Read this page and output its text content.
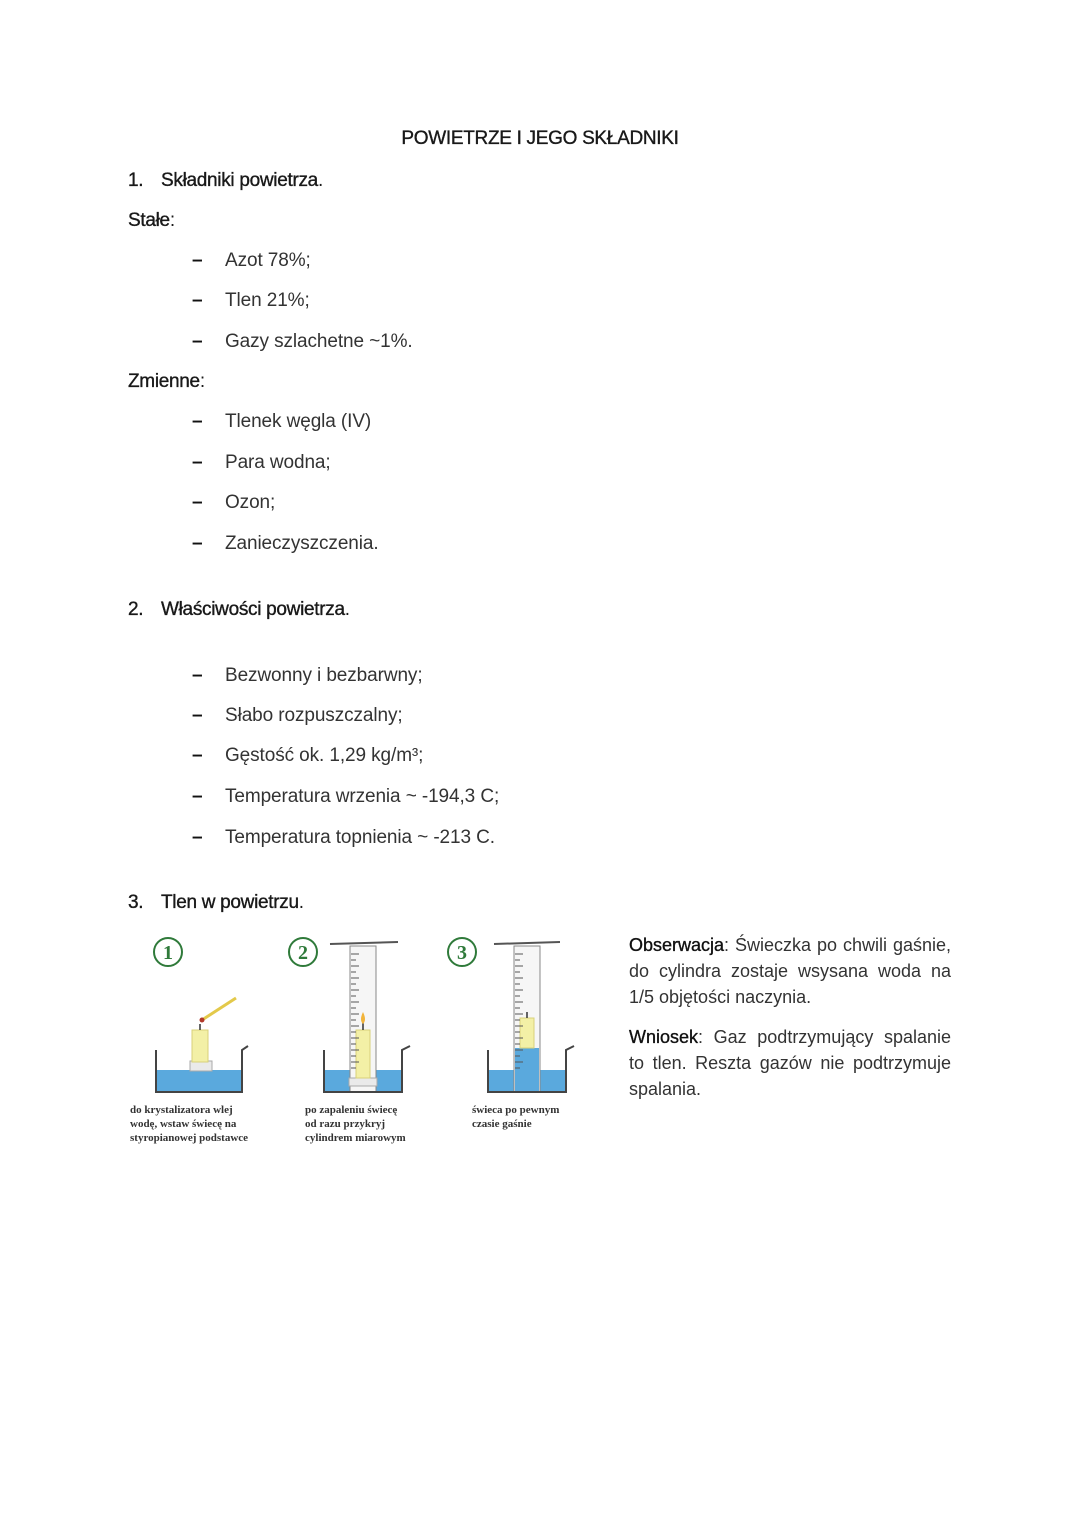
POWIETRZE I JEGO SKŁADNIKI
1. Składniki powietrza.
Stałe:
– Azot 78%;
– Tlen 21%;
– Gazy szlachetne ~1%.
Zmienne:
– Tlenek węgla (IV)
– Para wodna;
– Ozon;
– Zanieczyszczenia.
2. Właściwości powietrza.
– Bezwonny i bezbarwny;
– Słabo rozpuszczalny;
– Gęstość ok. 1,29 kg/m³;
– Temperatura wrzenia ~ -194,3 C;
– Temperatura topnienia ~ -213 C.
3. Tlen w powietrzu.
1	2	3
do krystalizatora wlej
wodę, wstaw świecę na
styropianowej podstawce
po zapaleniu świecę
od razu przykryj
cylindrem miarowym
świeca po pewnym
czasie gaśnie
Obserwacja: Świeczka po chwili gaśnie, do cylindra zostaje wsysana woda na 1/5 objętości naczynia.
Wniosek: Gaz podtrzymujący spalanie to tlen. Reszta gazów nie podtrzymuje spalania.
